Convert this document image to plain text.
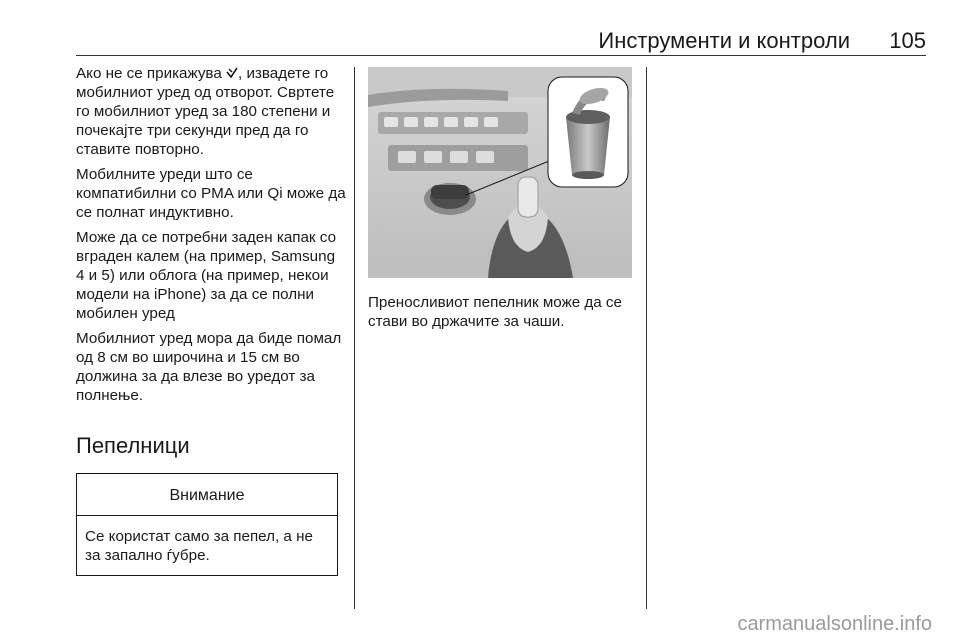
Инструменти и контроли	105

Ако не се прикажува , извадете го мобилниот уред од отворот. Свртете го мобилниот уред за 180 степени и почекајте три секунди пред да го ставите повторно.

Мобилните уреди што се компатибилни со PMA или Qi може да се полнат индуктивно.

Може да се потребни заден капак со вграден калем (на пример, Samsung 4 и 5) или облога (на пример, некои модели на iPhone) за да се полни мобилен уред

Мобилниот уред мора да биде помал од 8 см во широчина и 15 см во должина за да влезе во уредот за полнење.

Пепелници
Внимание
Се користат само за пепел, а не за запално ѓубре.
Преносливиот пепелник може да се стави во држачите за чаши.
carmanualsonline.info
